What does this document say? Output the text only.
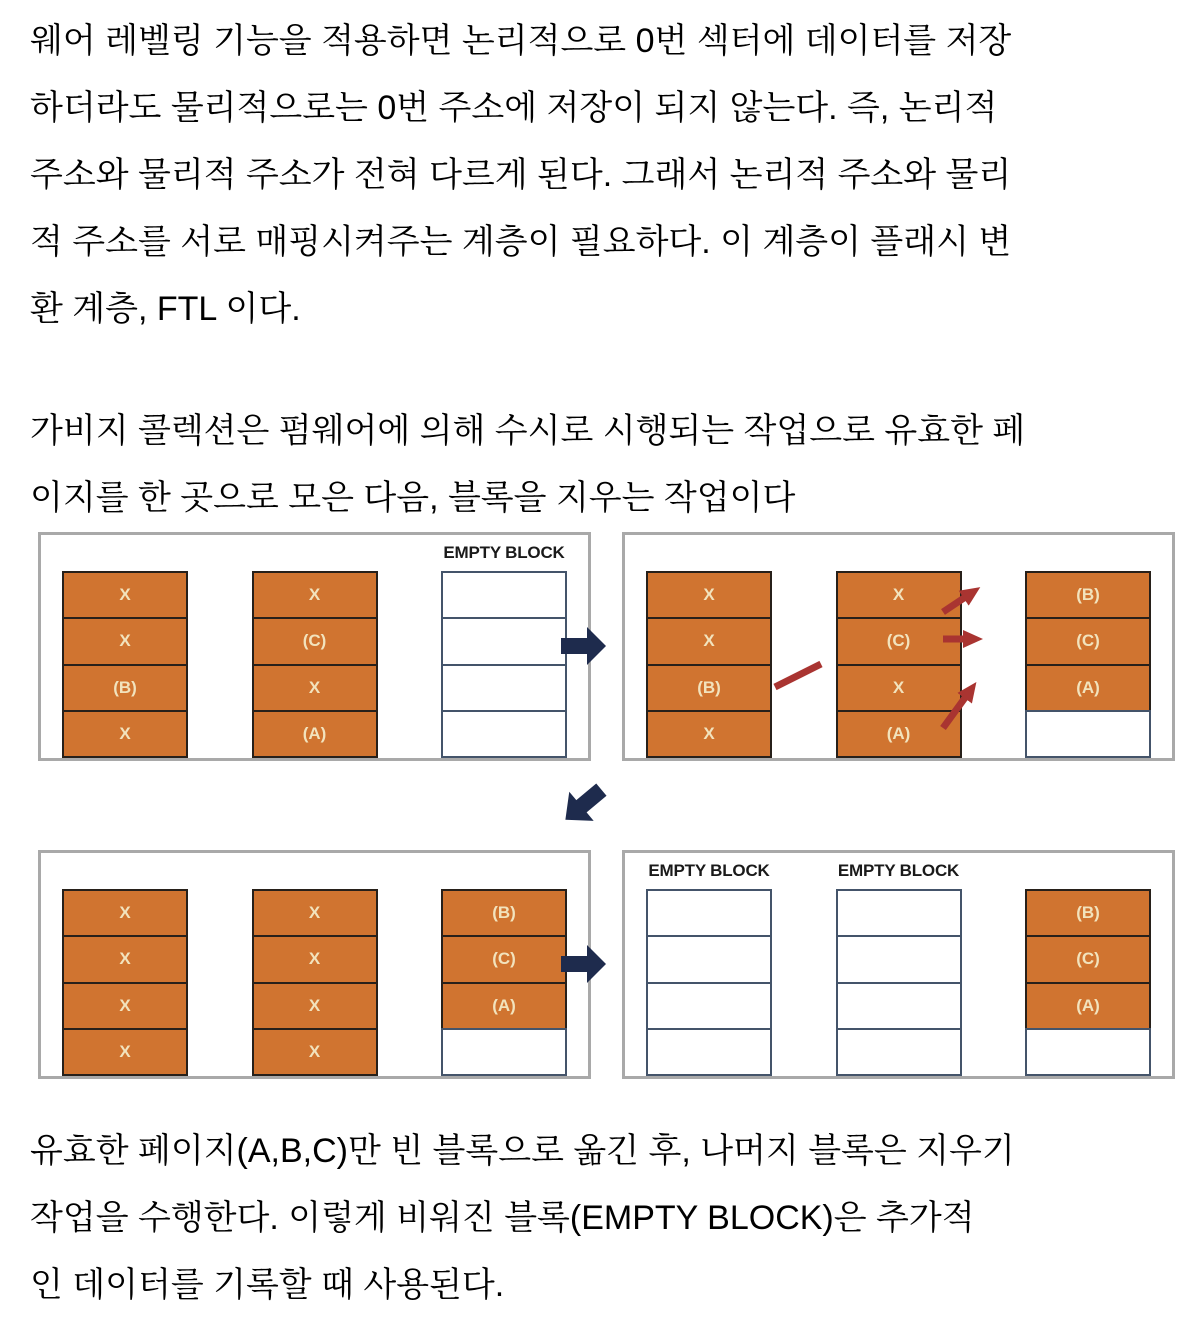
웨어 레벨링 기능을 적용하면 논리적으로 0번 섹터에 데이터를 저장
하더라도 물리적으로는 0번 주소에 저장이 되지 않는다. 즉, 논리적
주소와 물리적 주소가 전혀 다르게 된다. 그래서 논리적 주소와 물리
적 주소를 서로 매핑시켜주는 계층이 필요하다. 이 계층이 플래시 변
환 계층, FTL 이다.

가비지 콜렉션은 펌웨어에 의해 수시로 시행되는 작업으로 유효한 페
이지를 한 곳으로 모은 다음, 블록을 지우는 작업이다

X
X
(B)
X
X
(C)
X
(A)
EMPTY BLOCK
X
X
(B)
X
X
(C)
X
(A)
(B)
(C)
(A)
X
X
X
X
X
X
X
X
(B)
(C)
(A)
EMPTY BLOCK	EMPTY BLOCK
(B)
(C)
(A)

유효한 페이지(A,B,C)만 빈 블록으로 옮긴 후, 나머지 블록은 지우기
작업을 수행한다. 이렇게 비워진 블록(EMPTY BLOCK)은 추가적
인 데이터를 기록할 때 사용된다.
